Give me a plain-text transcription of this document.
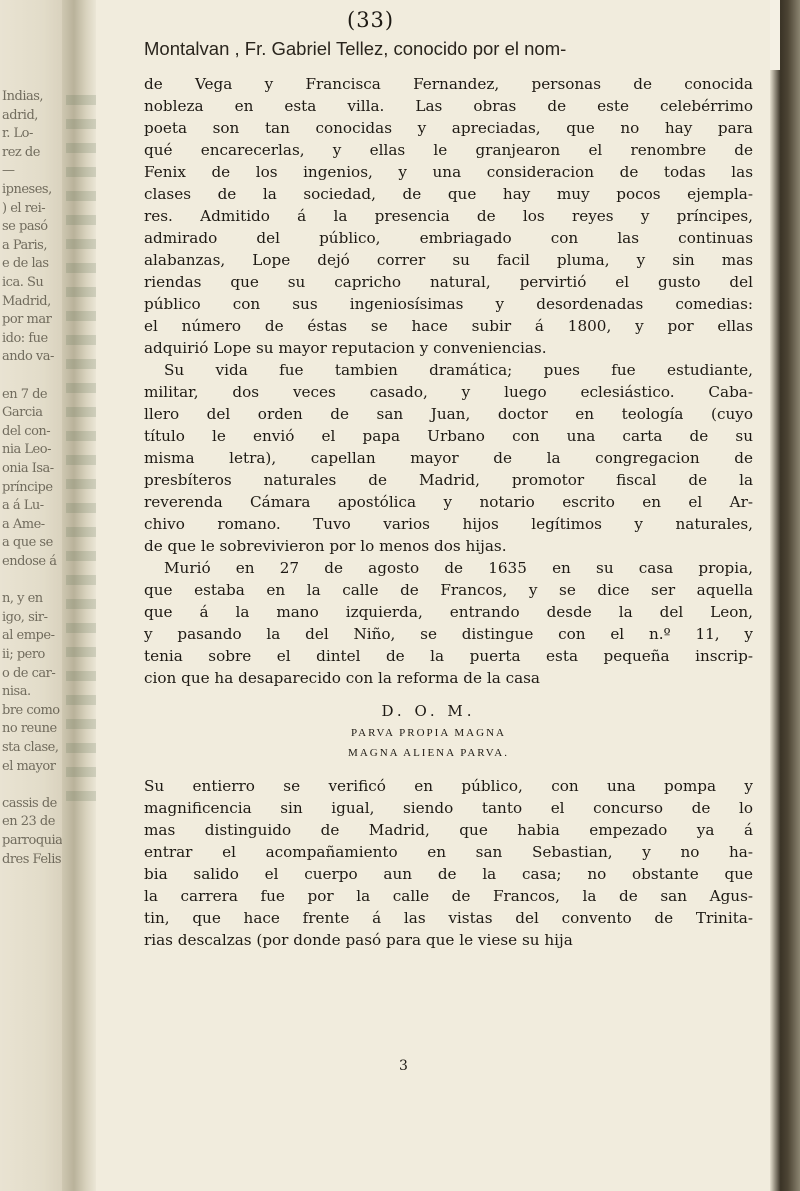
Indias,
adrid,
r. Lo-
rez de
—
ipneses,
) el rei-
se pasó
a Paris,
e de las
ica. Su
Madrid,
por mar
ido: fue
ando va-
en 7 de
Garcia
del con-
nia Leo-
onia Isa-
príncipe
a á Lu-
a Ame-
a que se
endose á
n, y en
igo, sir-
al empe-
ii; pero
o de car-
nisa.
bre como
no reune
sta clase,
el mayor
cassis de
en 23 de
parroquia
dres Felis
(33)
Montalvan , Fr. Gabriel Tellez, conocido por el nom-
de Vega y Francisca Fernandez, personas de conocida
nobleza en esta villa. Las obras de este celebérrimo
poeta son tan conocidas y apreciadas, que no hay para
qué encarecerlas, y ellas le granjearon el renombre de
Fenix de los ingenios, y una consideracion de todas las
clases de la sociedad, de que hay muy pocos ejempla-
res. Admitido á la presencia de los reyes y príncipes,
admirado del público, embriagado con las continuas
alabanzas, Lope dejó correr su facil pluma, y sin mas
riendas que su capricho natural, pervirtió el gusto del
público con sus ingeniosísimas y desordenadas comedias:
el número de éstas se hace subir á 1800, y por ellas
adquirió Lope su mayor reputacion y conveniencias.
Su vida fue tambien dramática; pues fue estudiante,
militar, dos veces casado, y luego eclesiástico. Caba-
llero del orden de san Juan, doctor en teología (cuyo
título le envió el papa Urbano con una carta de su
misma letra), capellan mayor de la congregacion de
presbíteros naturales de Madrid, promotor fiscal de la
reverenda Cámara apostólica y notario escrito en el Ar-
chivo romano. Tuvo varios hijos legítimos y naturales,
de que le sobrevivieron por lo menos dos hijas.
Murió en 27 de agosto de 1635 en su casa propia,
que estaba en la calle de Francos, y se dice ser aquella
que á la mano izquierda, entrando desde la del Leon,
y pasando la del Niño, se distingue con el n.º 11, y
tenia sobre el dintel de la puerta esta pequeña inscrip-
cion que ha desaparecido con la reforma de la casa
D. O. M.
PARVA PROPIA MAGNA
MAGNA ALIENA PARVA.
Su entierro se verificó en público, con una pompa y
magnificencia sin igual, siendo tanto el concurso de lo
mas distinguido de Madrid, que habia empezado ya á
entrar el acompañamiento en san Sebastian, y no ha-
bia salido el cuerpo aun de la casa; no obstante que
la carrera fue por la calle de Francos, la de san Agus-
tin, que hace frente á las vistas del convento de Trinita-
rias descalzas (por donde pasó para que le viese su hija
3
